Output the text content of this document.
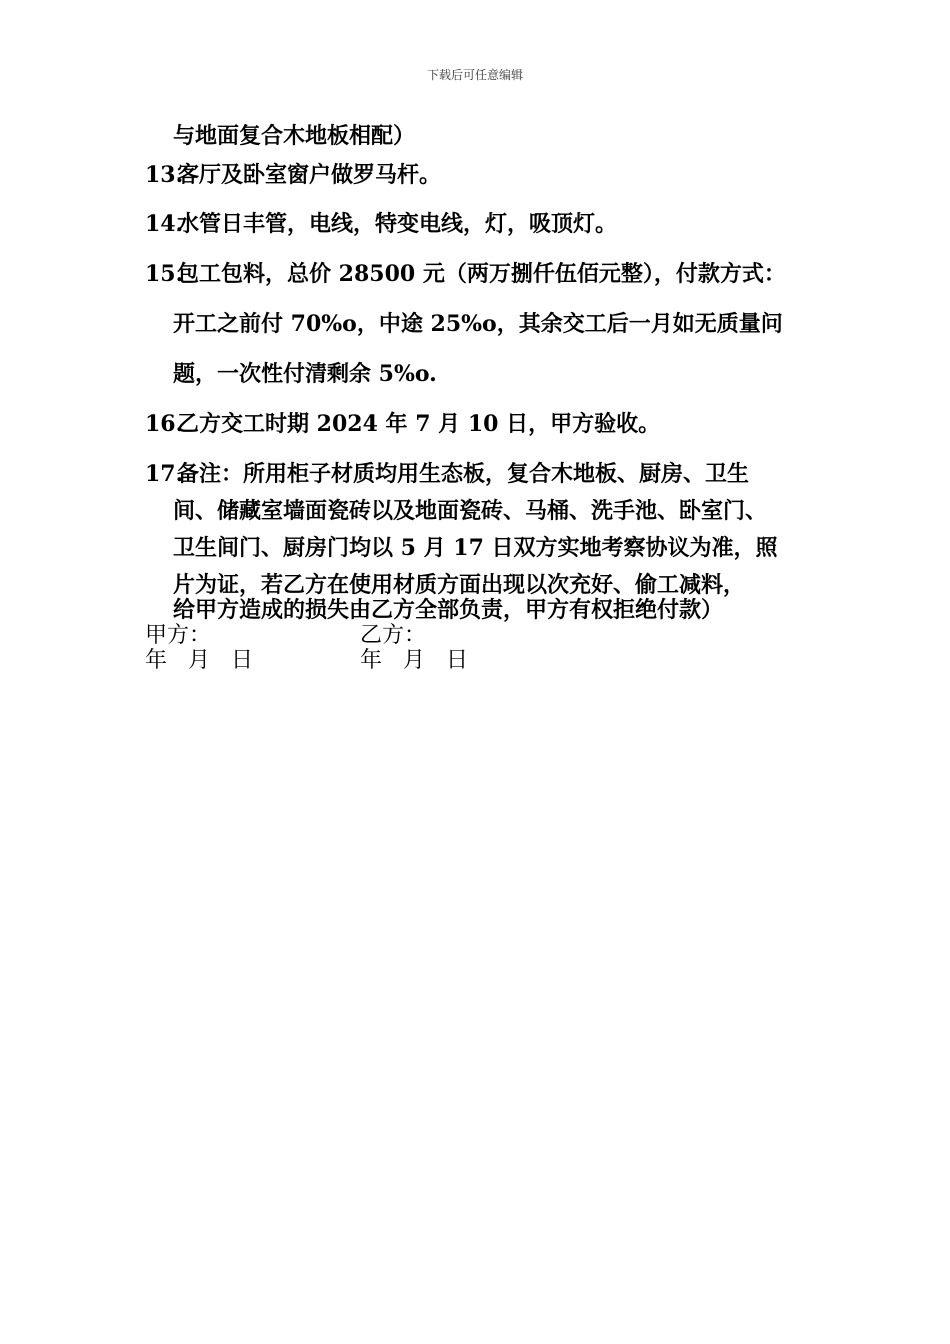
下载后可任意编辑
与地面复合木地板相配）
13.客厅及卧室窗户做罗马杆。
14.水管日丰管，电线，特变电线，灯，吸顶灯。
15.包工包料，总价 28500 元（两万捌仟伍佰元整），付款方式：
开工之前付 70%o，中途 25%o，其余交工后一月如无质量问
题，一次性付清剩余 5%o.
16.乙方交工时期 2024 年 7 月 10 日，甲方验收。
17.备注：所用柜子材质均用生态板，复合木地板、厨房、卫生
间、储藏室墙面瓷砖以及地面瓷砖、马桶、洗手池、卧室门、
卫生间门、厨房门均以 5 月 17 日双方实地考察协议为准，照
片为证，若乙方在使用材质方面出现以次充好、偷工减料，
给甲方造成的损失由乙方全部负责，甲方有权拒绝付款）
甲方：	乙方：
年   月   日	年   月   日
